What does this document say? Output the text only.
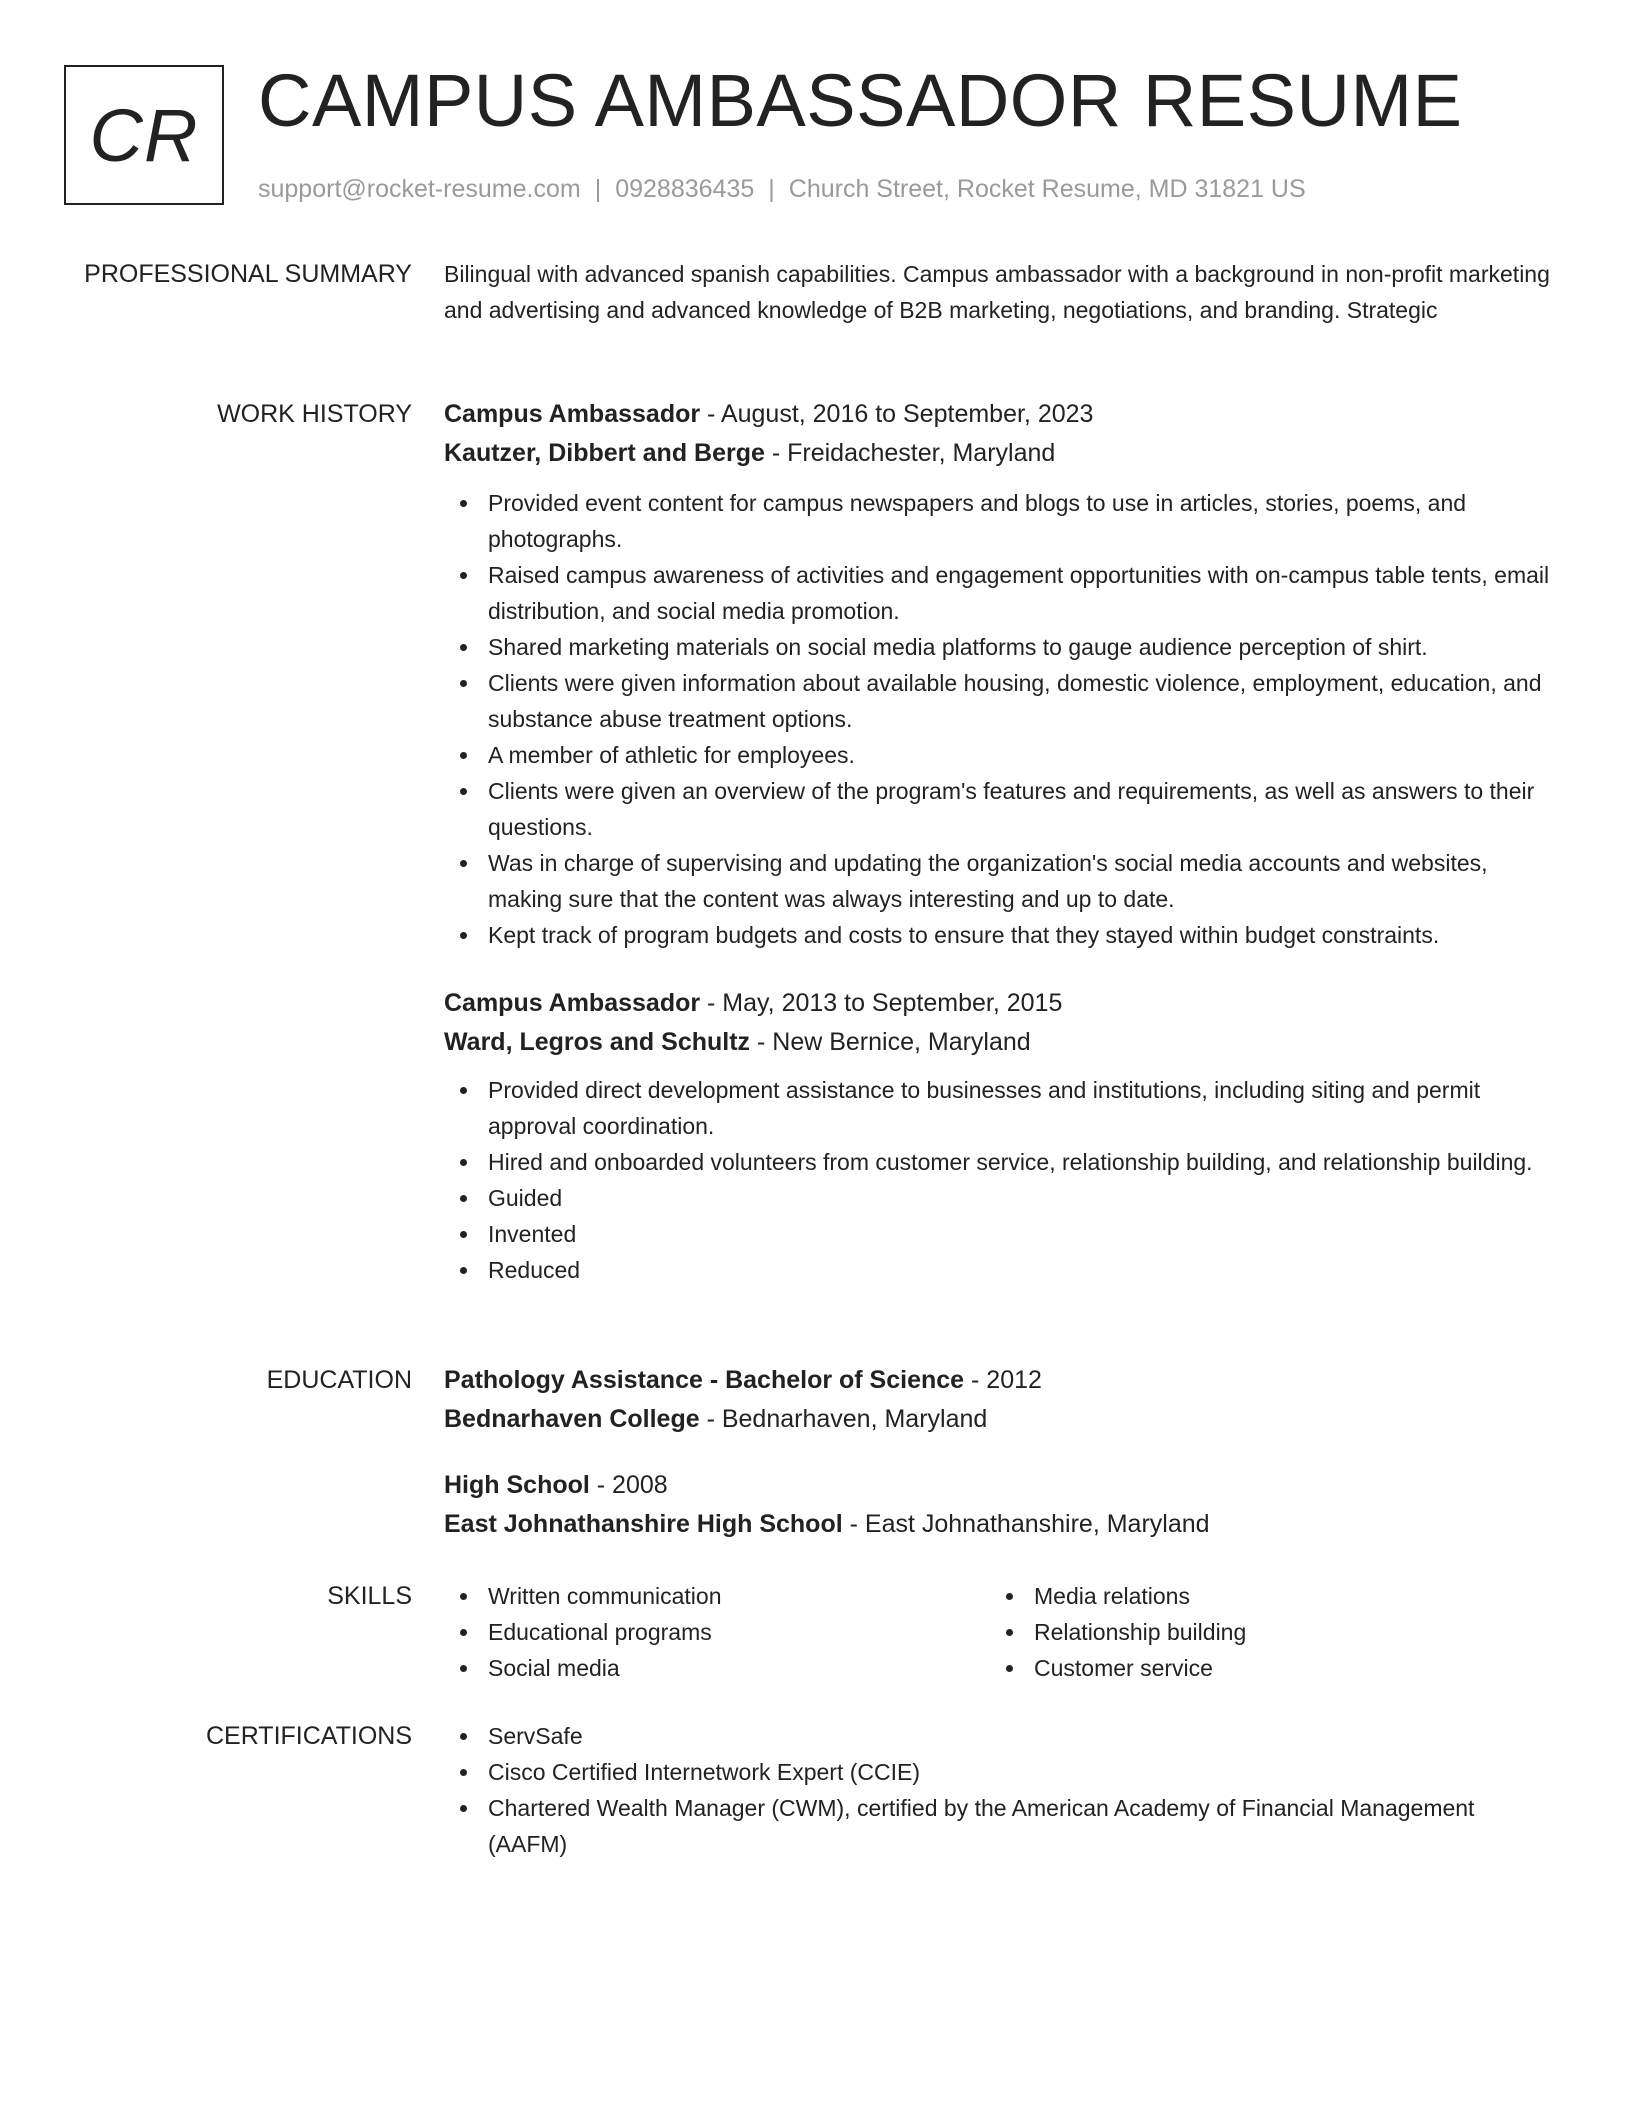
CR CAMPUS AMBASSADOR RESUME
support@rocket-resume.com | 0928836435 | Church Street, Rocket Resume, MD 31821 US
PROFESSIONAL SUMMARY Bilingual with advanced spanish capabilities. Campus ambassador with a background in non-profit marketing and advertising and advanced knowledge of B2B marketing, negotiations, and branding. Strategic

WORK HISTORY Campus Ambassador - August, 2016 to September, 2023

Kautzer, Dibbert and Berge - Freidachester, Maryland

Provided event content for campus newspapers and blogs to use in articles, stories, poems, and photographs.
Raised campus awareness of activities and engagement opportunities with on-campus table tents, email distribution, and social media promotion.
Shared marketing materials on social media platforms to gauge audience perception of shirt.
Clients were given information about available housing, domestic violence, employment, education, and substance abuse treatment options.
A member of athletic for employees.
Clients were given an overview of the program's features and requirements, as well as answers to their questions.
Was in charge of supervising and updating the organization's social media accounts and websites, making sure that the content was always interesting and up to date.
Kept track of program budgets and costs to ensure that they stayed within budget constraints.

Campus Ambassador - May, 2013 to September, 2015

Ward, Legros and Schultz - New Bernice, Maryland

Provided direct development assistance to businesses and institutions, including siting and permit approval coordination.
Hired and onboarded volunteers from customer service, relationship building, and relationship building.
Guided
Invented
Reduced
EDUCATION Pathology Assistance - Bachelor of Science - 2012

Bednarhaven College - Bednarhaven, Maryland

High School - 2008

East Johnathanshire High School - East Johnathanshire, Maryland

SKILLS	Written communication
Educational programs
Social media
Media relations
Relationship building
Customer service
CERTIFICATIONS	ServSafe
Cisco Certified Internetwork Expert (CCIE)
Chartered Wealth Manager (CWM), certified by the American Academy of Financial Management (AAFM)
